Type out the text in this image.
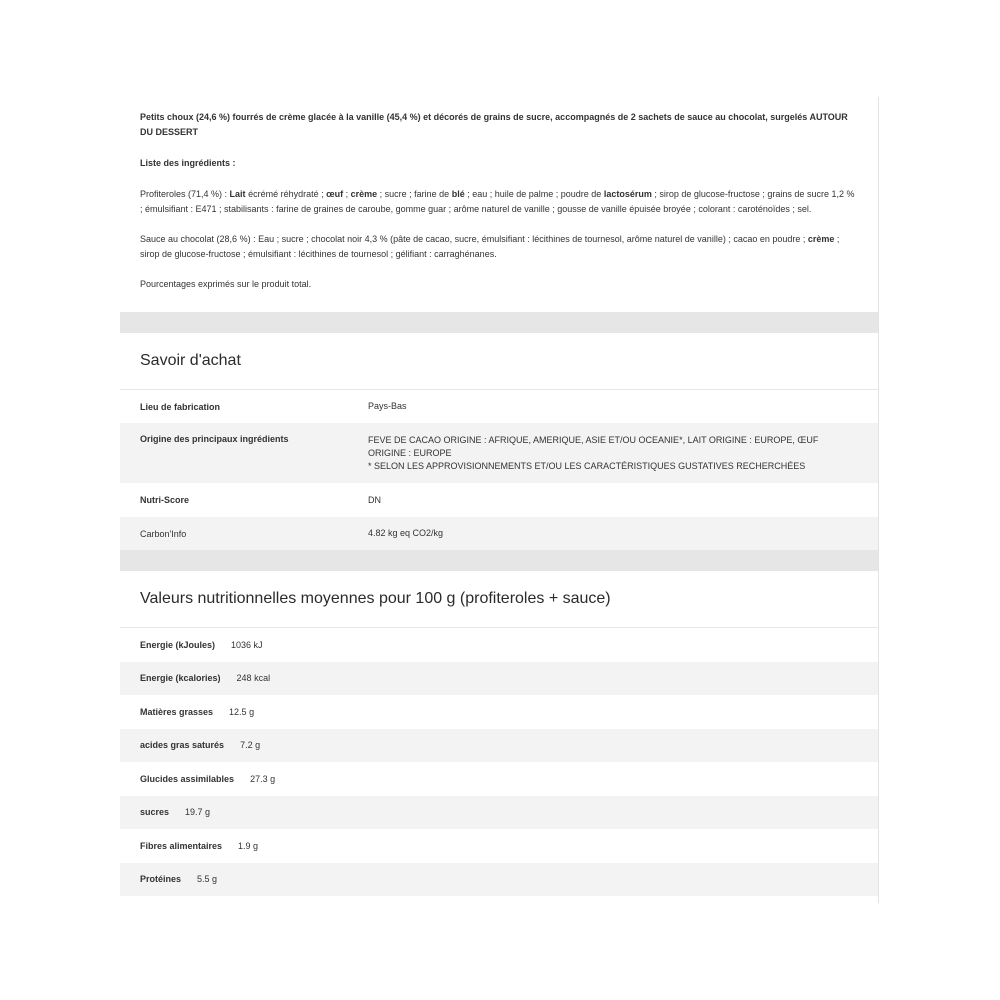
Petits choux (24,6 %) fourrés de crème glacée à la vanille (45,4 %) et décorés de grains de sucre, accompagnés de 2 sachets de sauce au chocolat, surgelés AUTOUR DU DESSERT

Liste des ingrédients :

Profiteroles (71,4 %) : Lait écrémé réhydraté ; œuf ; crème ; sucre ; farine de blé ; eau ; huile de palme ; poudre de lactosérum ; sirop de glucose-fructose ; grains de sucre 1,2 % ; émulsifiant : E471 ; stabilisants : farine de graines de caroube, gomme guar ; arôme naturel de vanille ; gousse de vanille épuisée broyée ; colorant : caroténoïdes ; sel.

Sauce au chocolat (28,6 %) : Eau ; sucre ; chocolat noir 4,3 % (pâte de cacao, sucre, émulsifiant : lécithines de tournesol, arôme naturel de vanille) ; cacao en poudre ; crème ; sirop de glucose-fructose ; émulsifiant : lécithines de tournesol ; gélifiant : carraghénanes.

Pourcentages exprimés sur le produit total.

Savoir d'achat
Lieu de fabrication	Pays-Bas
Origine des principaux ingrédients	FEVE DE CACAO ORIGINE : AFRIQUE, AMERIQUE, ASIE ET/OU OCEANIE*, LAIT ORIGINE : EUROPE, ŒUF ORIGINE : EUROPE
* SELON LES APPROVISIONNEMENTS ET/OU LES CARACTÉRISTIQUES GUSTATIVES RECHERCHÉES
Nutri-Score	DN
Carbon'Info	4.82 kg eq CO2/kg
Valeurs nutritionnelles moyennes pour 100 g (profiteroles + sauce)
Energie (kJoules) 1036 kJ
Energie (kcalories) 248 kcal
Matières grasses 12.5 g
acides gras saturés 7.2 g
Glucides assimilables 27.3 g
sucres 19.7 g
Fibres alimentaires 1.9 g
Protéines 5.5 g
